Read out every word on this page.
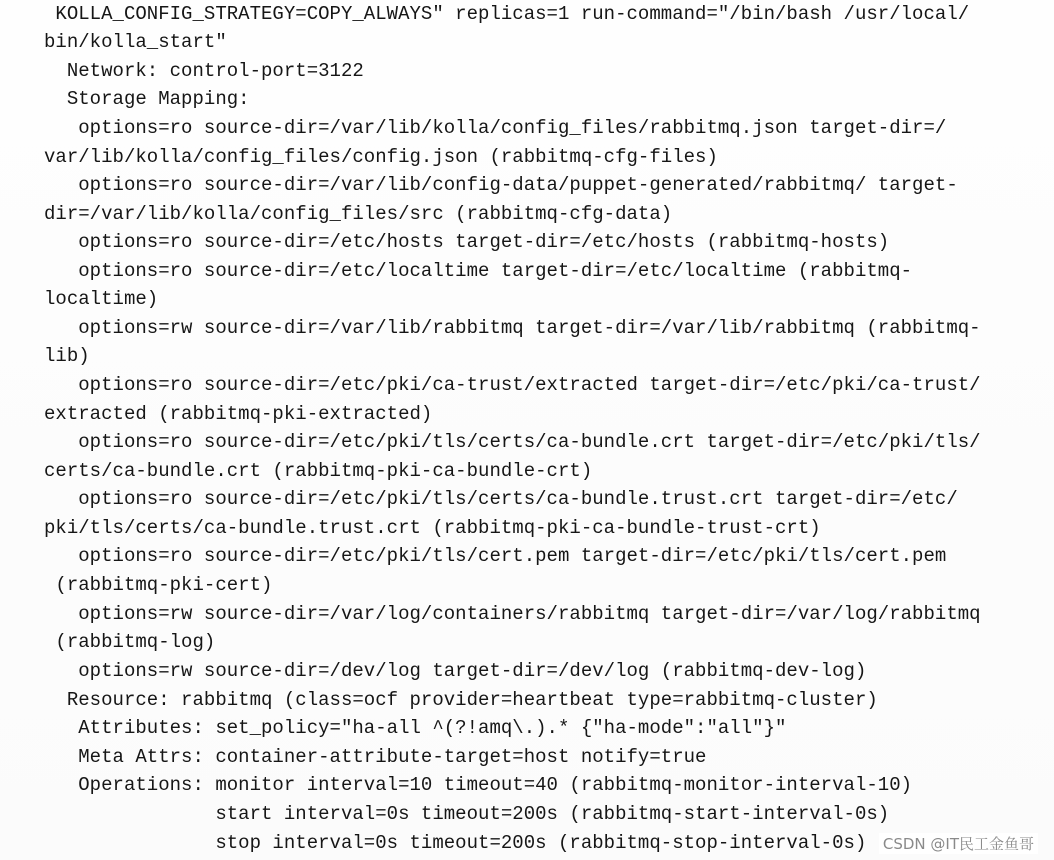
KOLLA_CONFIG_STRATEGY=COPY_ALWAYS" replicas=1 run-command="/bin/bash /usr/local/
bin/kolla_start"
Network: control-port=3122
Storage Mapping:
options=ro source-dir=/var/lib/kolla/config_files/rabbitmq.json target-dir=/
var/lib/kolla/config_files/config.json (rabbitmq-cfg-files)
options=ro source-dir=/var/lib/config-data/puppet-generated/rabbitmq/ target-
dir=/var/lib/kolla/config_files/src (rabbitmq-cfg-data)
options=ro source-dir=/etc/hosts target-dir=/etc/hosts (rabbitmq-hosts)
options=ro source-dir=/etc/localtime target-dir=/etc/localtime (rabbitmq-
localtime)
options=rw source-dir=/var/lib/rabbitmq target-dir=/var/lib/rabbitmq (rabbitmq-
lib)
options=ro source-dir=/etc/pki/ca-trust/extracted target-dir=/etc/pki/ca-trust/
extracted (rabbitmq-pki-extracted)
options=ro source-dir=/etc/pki/tls/certs/ca-bundle.crt target-dir=/etc/pki/tls/
certs/ca-bundle.crt (rabbitmq-pki-ca-bundle-crt)
options=ro source-dir=/etc/pki/tls/certs/ca-bundle.trust.crt target-dir=/etc/
pki/tls/certs/ca-bundle.trust.crt (rabbitmq-pki-ca-bundle-trust-crt)
options=ro source-dir=/etc/pki/tls/cert.pem target-dir=/etc/pki/tls/cert.pem
(rabbitmq-pki-cert)
options=rw source-dir=/var/log/containers/rabbitmq target-dir=/var/log/rabbitmq
(rabbitmq-log)
options=rw source-dir=/dev/log target-dir=/dev/log (rabbitmq-dev-log)
Resource: rabbitmq (class=ocf provider=heartbeat type=rabbitmq-cluster)
Attributes: set_policy="ha-all ^(?!amq\.).* {"ha-mode":"all"}"
Meta Attrs: container-attribute-target=host notify=true
Operations: monitor interval=10 timeout=40 (rabbitmq-monitor-interval-10)
start interval=0s timeout=200s (rabbitmq-start-interval-0s)
stop interval=0s timeout=200s (rabbitmq-stop-interval-0s) CSDN @IT民工金鱼哥
